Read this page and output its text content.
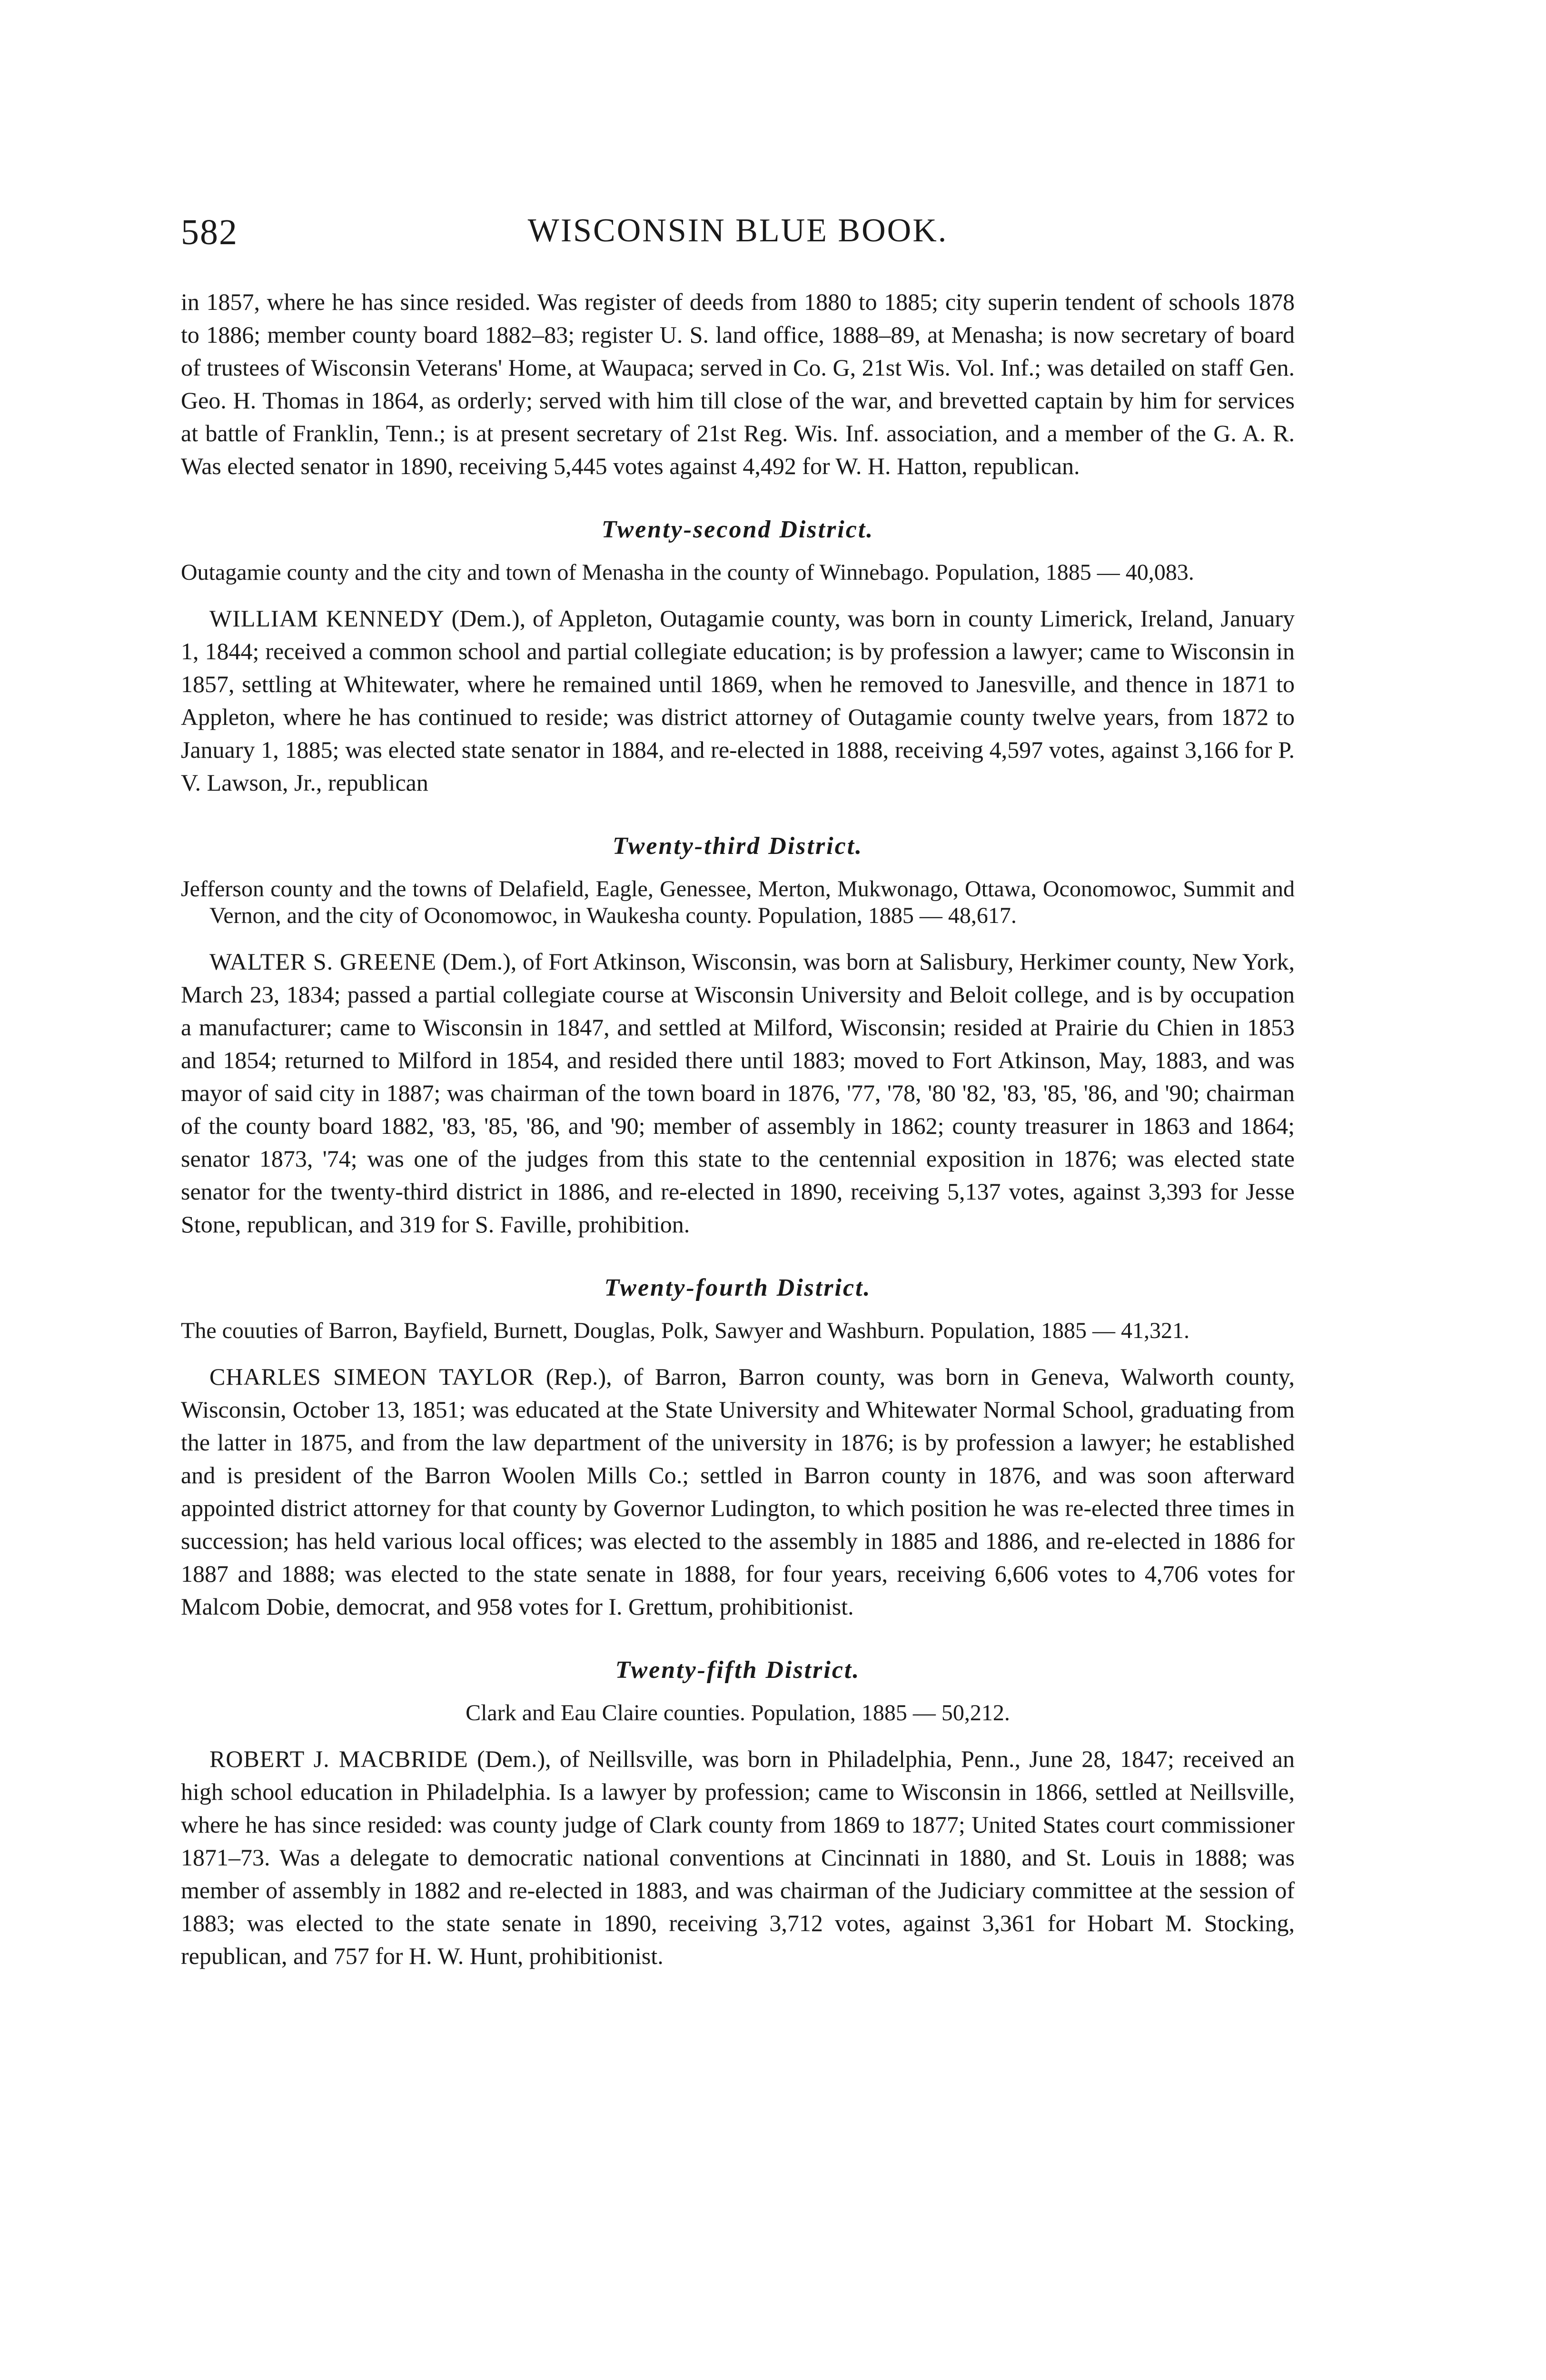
582	WISCONSIN BLUE BOOK.

in 1857, where he has since resided. Was register of deeds from 1880 to 1885; city superin tendent of schools 1878 to 1886; member county board 1882–83; register U. S. land office, 1888–89, at Menasha; is now secretary of board of trustees of Wisconsin Veterans' Home, at Waupaca; served in Co. G, 21st Wis. Vol. Inf.; was detailed on staff Gen. Geo. H. Thomas in 1864, as orderly; served with him till close of the war, and brevetted captain by him for services at battle of Franklin, Tenn.; is at present secretary of 21st Reg. Wis. Inf. association, and a member of the G. A. R. Was elected senator in 1890, receiving 5,445 votes against 4,492 for W. H. Hatton, republican.

Twenty-second District.

Outagamie county and the city and town of Menasha in the county of Winnebago. Population, 1885 — 40,083.

WILLIAM KENNEDY (Dem.), of Appleton, Outagamie county, was born in county Limerick, Ireland, January 1, 1844; received a common school and partial collegiate education; is by profession a lawyer; came to Wisconsin in 1857, settling at Whitewater, where he remained until 1869, when he removed to Janesville, and thence in 1871 to Appleton, where he has continued to reside; was district attorney of Outagamie county twelve years, from 1872 to January 1, 1885; was elected state senator in 1884, and re-elected in 1888, receiving 4,597 votes, against 3,166 for P. V. Lawson, Jr., republican

Twenty-third District.

Jefferson county and the towns of Delafield, Eagle, Genessee, Merton, Mukwonago, Ottawa, Oconomowoc, Summit and Vernon, and the city of Oconomowoc, in Waukesha county. Population, 1885 — 48,617.

WALTER S. GREENE (Dem.), of Fort Atkinson, Wisconsin, was born at Salisbury, Herkimer county, New York, March 23, 1834; passed a partial collegiate course at Wisconsin University and Beloit college, and is by occupation a manufacturer; came to Wisconsin in 1847, and settled at Milford, Wisconsin; resided at Prairie du Chien in 1853 and 1854; returned to Milford in 1854, and resided there until 1883; moved to Fort Atkinson, May, 1883, and was mayor of said city in 1887; was chairman of the town board in 1876, '77, '78, '80 '82, '83, '85, '86, and '90; chairman of the county board 1882, '83, '85, '86, and '90; member of assembly in 1862; county treasurer in 1863 and 1864; senator 1873, '74; was one of the judges from this state to the centennial exposition in 1876; was elected state senator for the twenty-third district in 1886, and re-elected in 1890, receiving 5,137 votes, against 3,393 for Jesse Stone, republican, and 319 for S. Faville, prohibition.

Twenty-fourth District.

The couuties of Barron, Bayfield, Burnett, Douglas, Polk, Sawyer and Washburn. Population, 1885 — 41,321.

CHARLES SIMEON TAYLOR (Rep.), of Barron, Barron county, was born in Geneva, Walworth county, Wisconsin, October 13, 1851; was educated at the State University and Whitewater Normal School, graduating from the latter in 1875, and from the law department of the university in 1876; is by profession a lawyer; he established and is president of the Barron Woolen Mills Co.; settled in Barron county in 1876, and was soon afterward appointed district attorney for that county by Governor Ludington, to which position he was re-elected three times in succession; has held various local offices; was elected to the assembly in 1885 and 1886, and re-elected in 1886 for 1887 and 1888; was elected to the state senate in 1888, for four years, receiving 6,606 votes to 4,706 votes for Malcom Dobie, democrat, and 958 votes for I. Grettum, prohibitionist.

Twenty-fifth District.

Clark and Eau Claire counties. Population, 1885 — 50,212.

ROBERT J. MACBRIDE (Dem.), of Neillsville, was born in Philadelphia, Penn., June 28, 1847; received an high school education in Philadelphia. Is a lawyer by profession; came to Wisconsin in 1866, settled at Neillsville, where he has since resided: was county judge of Clark county from 1869 to 1877; United States court commissioner 1871–73. Was a delegate to democratic national conventions at Cincinnati in 1880, and St. Louis in 1888; was member of assembly in 1882 and re-elected in 1883, and was chairman of the Judiciary committee at the session of 1883; was elected to the state senate in 1890, receiving 3,712 votes, against 3,361 for Hobart M. Stocking, republican, and 757 for H. W. Hunt, prohibitionist.
